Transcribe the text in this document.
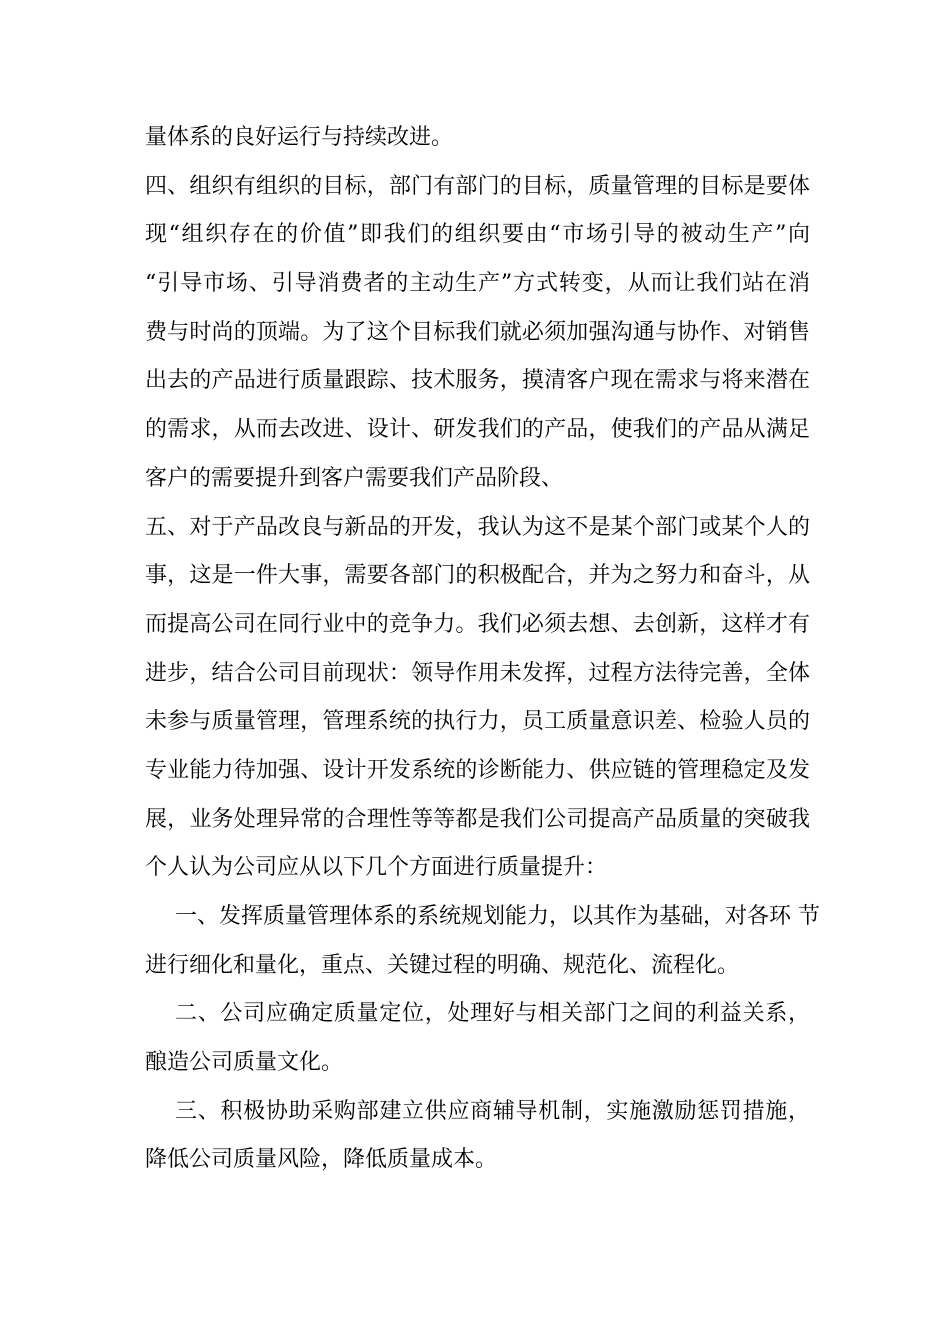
量体系的良好运行与持续改进。
四、组织有组织的目标，部门有部门的目标，质量管理的目标是要体
现“组织存在的价值”即我们的组织要由“市场引导的被动生产”向
“引导市场、引导消费者的主动生产”方式转变，从而让我们站在消
费与时尚的顶端。为了这个目标我们就必须加强沟通与协作、对销售
出去的产品进行质量跟踪、技术服务，摸清客户现在需求与将来潜在
的需求，从而去改进、设计、研发我们的产品，使我们的产品从满足
客户的需要提升到客户需要我们产品阶段、
五、对于产品改良与新品的开发，我认为这不是某个部门或某个人的
事，这是一件大事，需要各部门的积极配合，并为之努力和奋斗，从
而提高公司在同行业中的竞争力。我们必须去想、去创新，这样才有
进步，结合公司目前现状：领导作用未发挥，过程方法待完善，全体
未参与质量管理，管理系统的执行力，员工质量意识差、检验人员的
专业能力待加强、设计开发系统的诊断能力、供应链的管理稳定及发
展，业务处理异常的合理性等等都是我们公司提高产品质量的突破我
个人认为公司应从以下几个方面进行质量提升：
一、发挥质量管理体系的系统规划能力，以其作为基础，对各环 节
进行细化和量化，重点、关键过程的明确、规范化、流程化。
二、公司应确定质量定位，处理好与相关部门之间的利益关系，
酿造公司质量文化。
三、积极协助采购部建立供应商辅导机制，实施激励惩罚措施，
降低公司质量风险，降低质量成本。
